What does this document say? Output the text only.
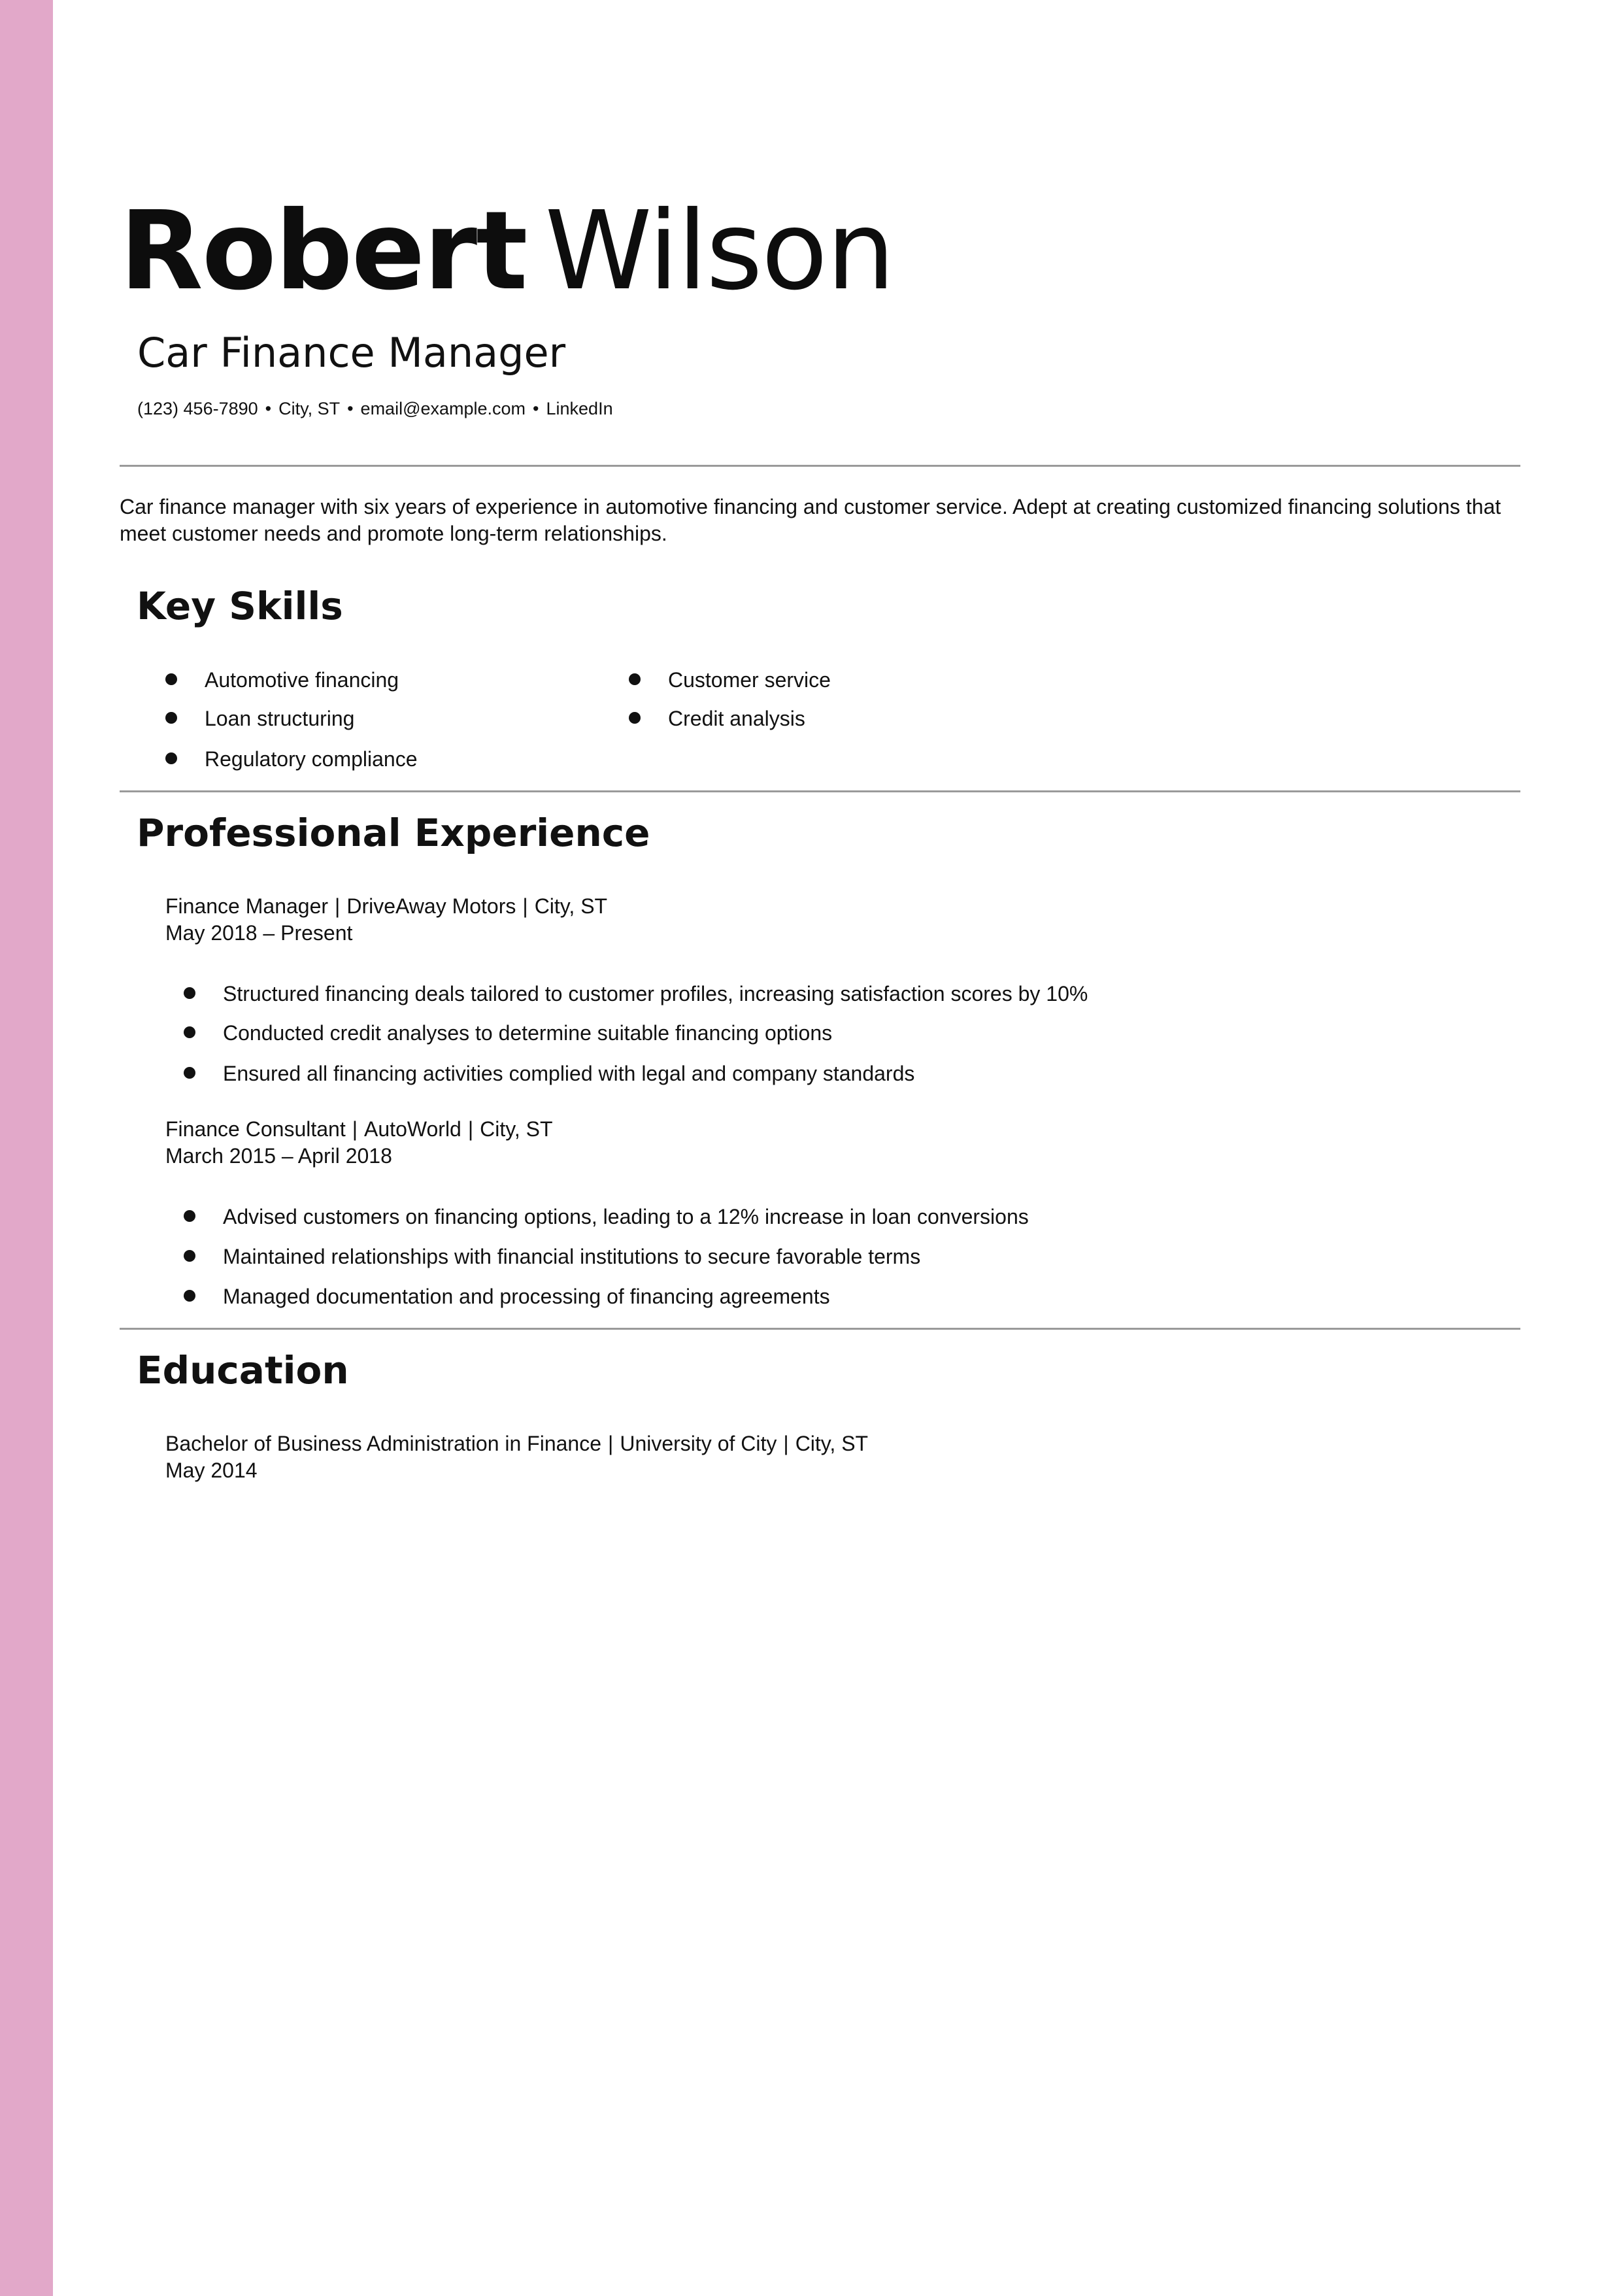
Robert Wilson
Car Finance Manager
(123) 456-7890 • City, ST • email@example.com • LinkedIn

Car finance manager with six years of experience in automotive financing and customer service. Adept at creating customized financing solutions that meet customer needs and promote long-term relationships.

Key Skills
Automotive financing	Customer service
Loan structuring	Credit analysis
Regulatory compliance
Professional Experience
Finance Manager | DriveAway Motors | City, ST
May 2018 – Present
Structured financing deals tailored to customer profiles, increasing satisfaction scores by 10%
Conducted credit analyses to determine suitable financing options
Ensured all financing activities complied with legal and company standards
Finance Consultant | AutoWorld | City, ST
March 2015 – April 2018
Advised customers on financing options, leading to a 12% increase in loan conversions
Maintained relationships with financial institutions to secure favorable terms
Managed documentation and processing of financing agreements
Education
Bachelor of Business Administration in Finance | University of City | City, ST
May 2014
